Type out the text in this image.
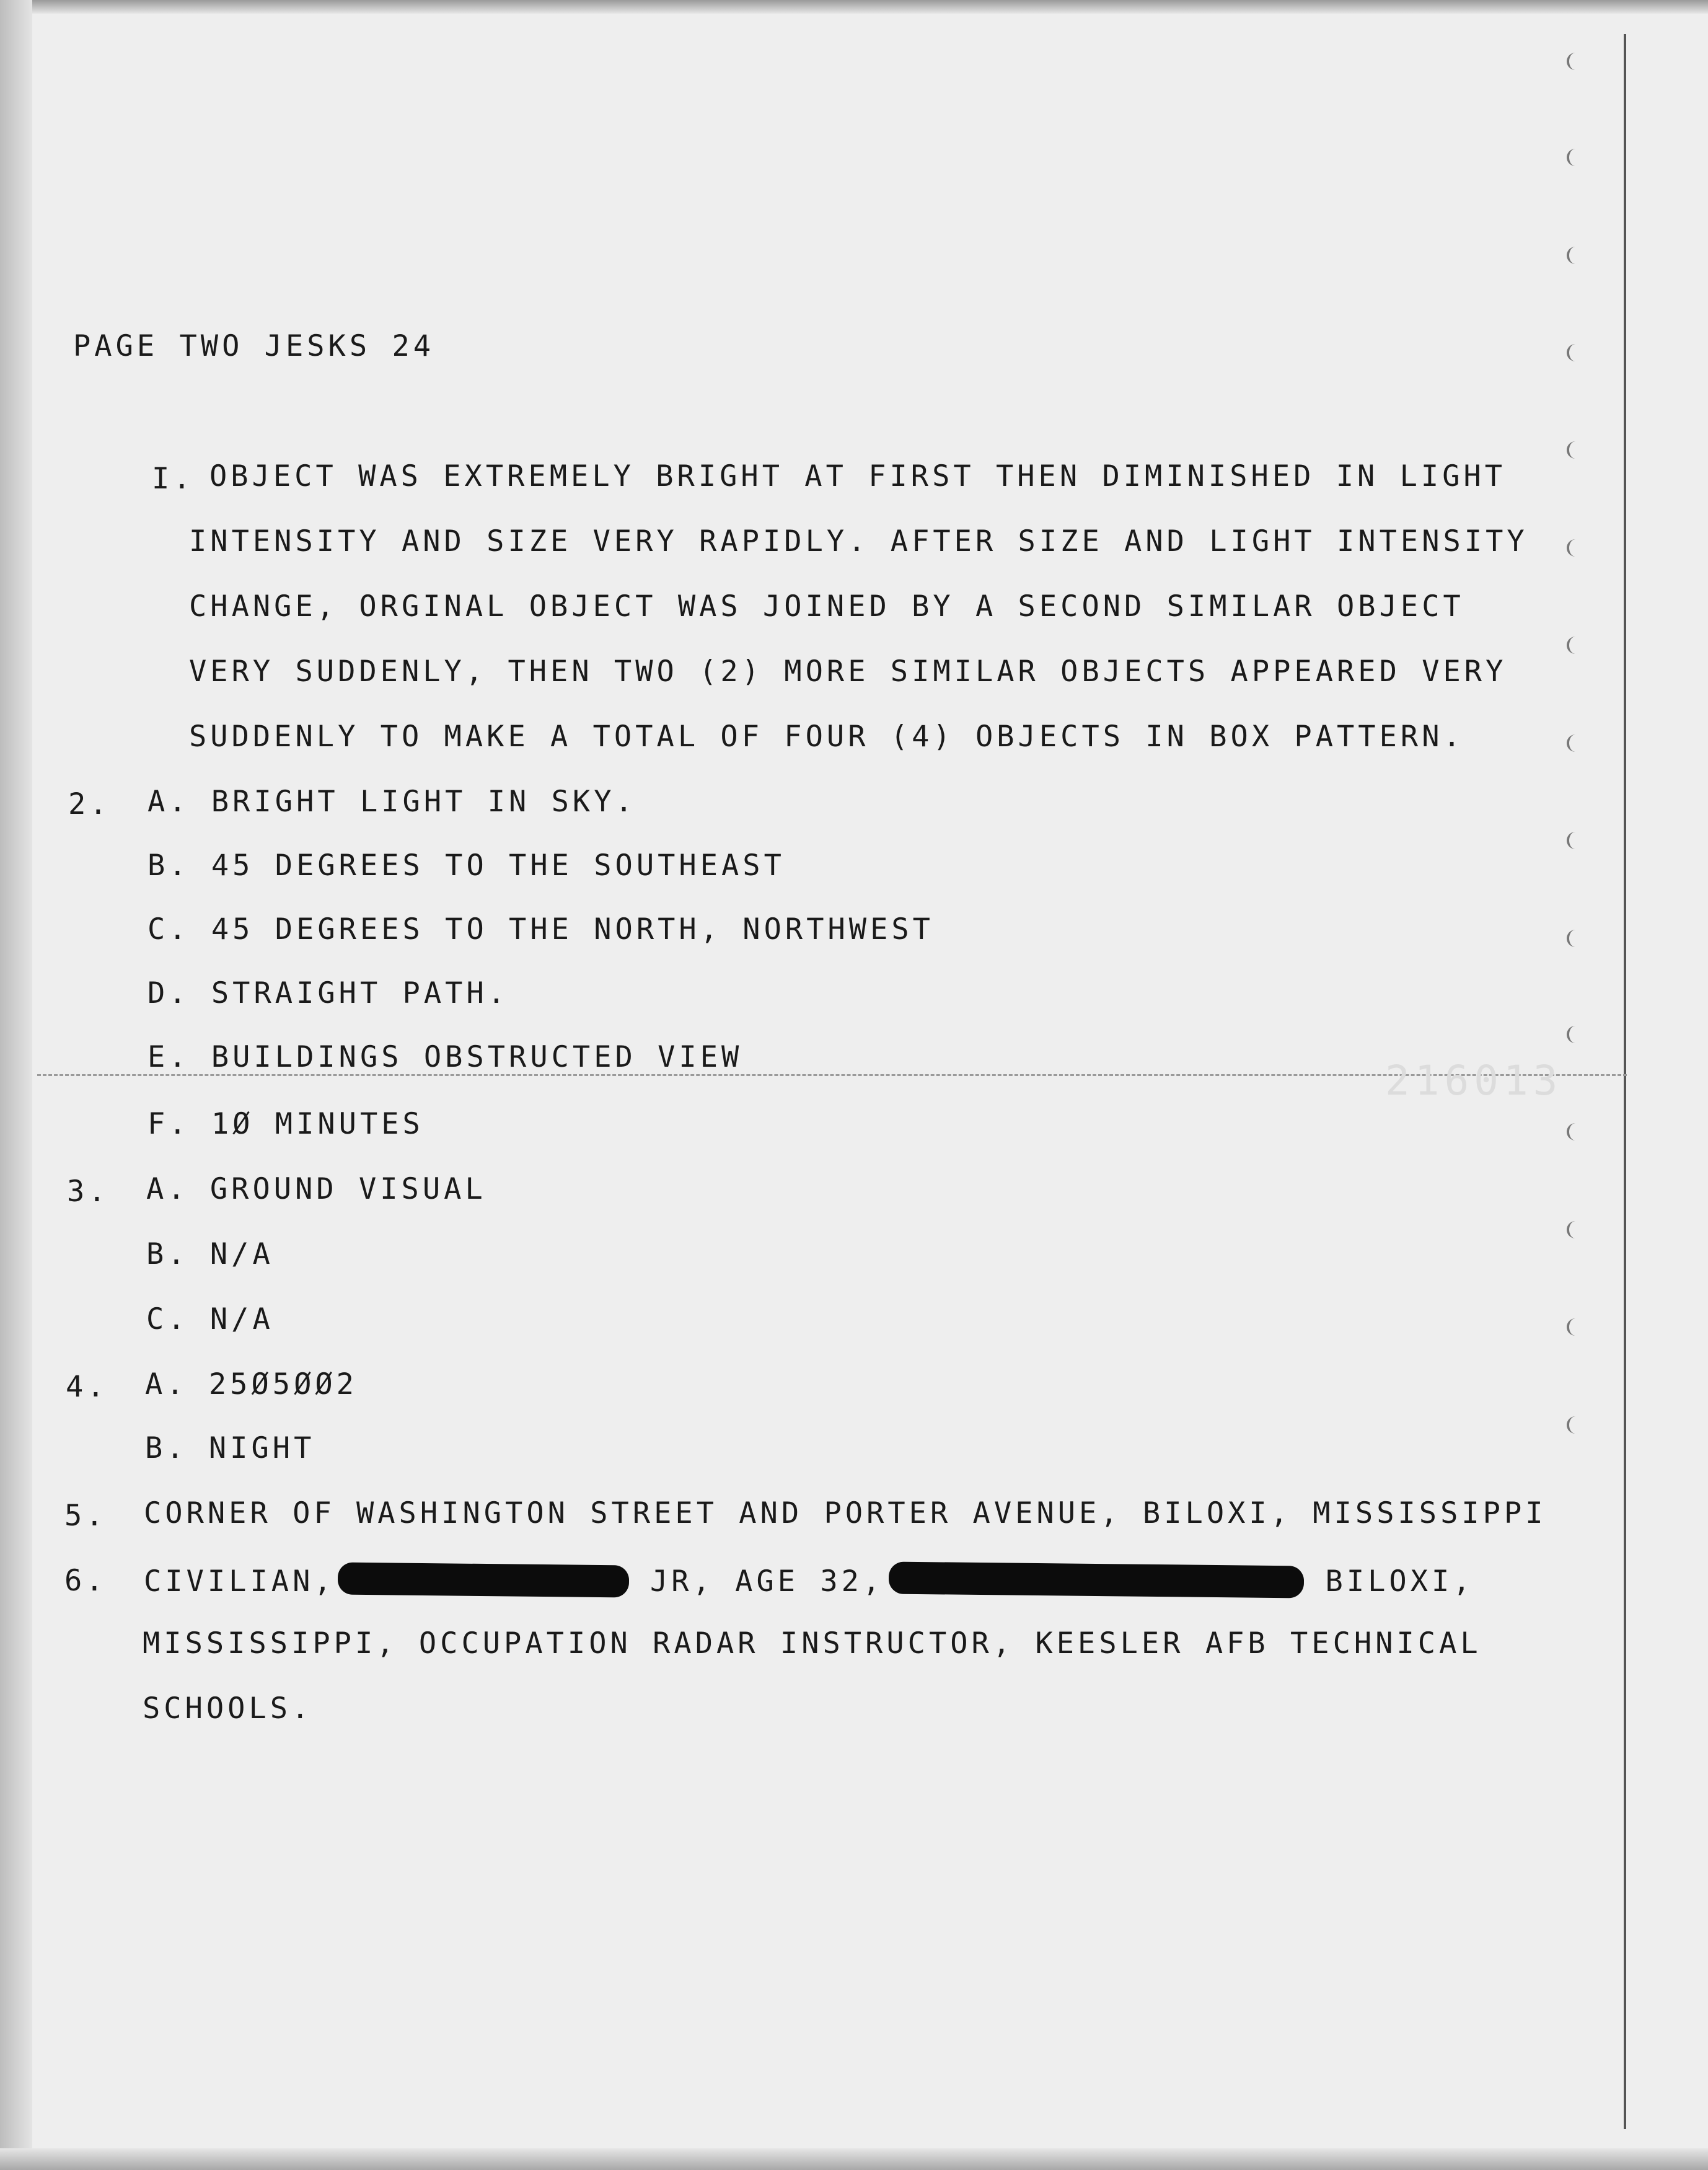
216013
PAGE TWO JESKS 24
I. OBJECT WAS EXTREMELY BRIGHT AT FIRST THEN DIMINISHED IN LIGHT
INTENSITY AND SIZE VERY RAPIDLY. AFTER SIZE AND LIGHT INTENSITY
CHANGE, ORGINAL OBJECT WAS JOINED BY A SECOND SIMILAR OBJECT
VERY SUDDENLY, THEN TWO (2) MORE SIMILAR OBJECTS APPEARED VERY
SUDDENLY TO MAKE A TOTAL OF FOUR (4) OBJECTS IN BOX PATTERN.
2. A. BRIGHT LIGHT IN SKY.
B. 45 DEGREES TO THE SOUTHEAST
C. 45 DEGREES TO THE NORTH, NORTHWEST
D. STRAIGHT PATH.
E. BUILDINGS OBSTRUCTED VIEW
F. 1Ø MINUTES
3. A. GROUND VISUAL
B. N/A
C. N/A
4. A. 25Ø5ØØ2
B. NIGHT
5. CORNER OF WASHINGTON STREET AND PORTER AVENUE, BILOXI, MISSISSIPPI
6. CIVILIAN,	JR, AGE 32,	BILOXI,
MISSISSIPPI, OCCUPATION RADAR INSTRUCTOR, KEESLER AFB TECHNICAL
SCHOOLS.
